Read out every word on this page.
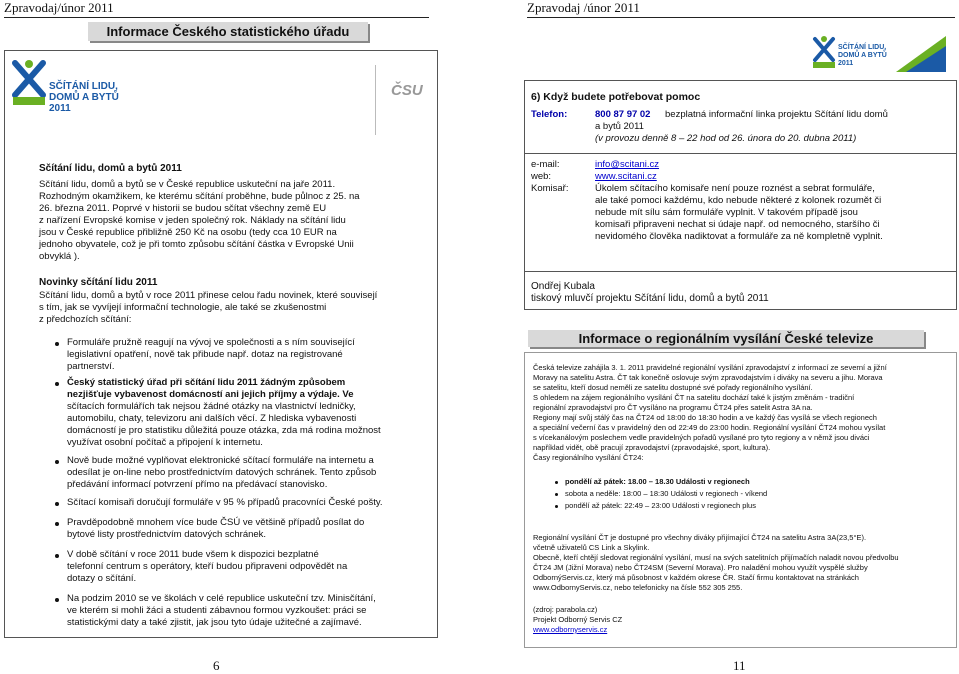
Zpravodaj/únor 2011	Zpravodaj /únor 2011
Informace Českého statistického úřadu
SČÍTÁNÍ LIDU,
DOMŮ A BYTŮ
2011
ČSU
Sčítání lidu, domů a bytů 2011
Sčítání lidu, domů a bytů se v České republice uskuteční na jaře 2011.
Rozhodným okamžikem, ke kterému sčítání proběhne, bude půlnoc z 25. na
26. března 2011. Poprvé v historii se budou sčítat všechny země EU
z nařízení Evropské komise v jeden společný rok. Náklady na sčítání lidu
jsou v České republice přibližně 250 Kč na osobu (tedy cca 10 EUR na
jednoho obyvatele, což je při tomto způsobu sčítání částka v Evropské Unii
obvyklá ).
Novinky sčítání lidu 2011
Sčítání lidu, domů a bytů v roce 2011 přinese celou řadu novinek, které souvisejí
s tím, jak se vyvíjejí informační technologie, ale také se zkušenostmi
z předchozích sčítání:
Formuláře pružně reagují na vývoj ve společnosti a s ním související
legislativní opatření, nově tak přibude např. dotaz na registrované
partnerství.
Český statistický úřad při sčítání lidu 2011 žádným způsobem
nezjišťuje vybavenost domácností ani jejich příjmy a výdaje. Ve
sčítacích formulářích tak nejsou žádné otázky na vlastnictví ledničky,
automobilu, chaty, televizoru ani dalších věcí. Z hlediska vybavenosti
domácností je pro statistiku důležitá pouze otázka, zda má rodina možnost
využívat osobní počítač a připojení k internetu.
Nově bude možné vyplňovat elektronické sčítací formuláře na internetu a
odesílat je on-line nebo prostřednictvím datových schránek. Tento způsob
předávání informací potvrzení přímo na předávací stanovisko.
Sčítací komisaři doručují formuláře v 95 % případů pracovníci České pošty.
Pravděpodobně mnohem více bude ČSÚ ve většině případů posílat do
bytové listy prostřednictvím datových schránek.
V době sčítání v roce 2011 bude všem k dispozici bezplatné
telefonní centrum s operátory, kteří budou připraveni odpovědět na
dotazy o sčítání.
Na podzim 2010 se ve školách v celé republice uskuteční tzv. Minisčítání,
ve kterém si mohli žáci a studenti zábavnou formou vyzkoušet: práci se
statistickými daty a také zjistit, jak jsou tyto údaje užitečné a zajímavé.
6
SČÍTÁNÍ LIDU,
DOMŮ A BYTŮ
2011
6) Když budete potřebovat pomoc
Telefon:	800 87 97 02 bezplatná informační linka projektu Sčítání lidu domů
a bytů 2011
(v provozu denně 8 – 22 hod od 26. února do 20. dubna 2011)
e-mail:	info@scitani.cz
web:	www.scitani.cz
Komisař:	Úkolem sčítacího komisaře není pouze roznést a sebrat formuláře,
ale také pomoci každému, kdo nebude některé z kolonek rozumět či
nebude mít sílu sám formuláře vyplnit. V takovém případě jsou
komisaři připraveni nechat si údaje např. od nemocného, staršího či
nevidomého člověka nadiktovat a formuláře za ně kompletně vyplnit.
Ondřej Kubala
tiskový mluvčí projektu Sčítání lidu, domů a bytů 2011
Informace o regionálním vysílání České televize
Česká televize zahájila 3. 1. 2011 pravidelné regionální vysílání zpravodajství z informací ze severní a jižní
Moravy na satelitu Astra. ČT tak konečně oslovuje svým zpravodajstvím i diváky na severu a jihu. Morava
se satelitu, kteří dosud neměli ze satelitu dostupné své pořady regionálního vysílání.
S ohledem na zájem regionálního vysílání ČT na satelitu dochází také k jistým změnám - tradiční
regionální zpravodajství pro ČT vysíláno na programu ČT24 přes satelit Astra 3A na.
Regiony mají svůj stálý čas na ČT24 od 18:00 do 18:30 hodin a ve každý čas vysílá se všech regionech
a speciální večerní čas v pravidelný den od 22:49 do 23:00 hodin. Regionální vysílání ČT24 mohou vysílat
s vícekanálovým poslechem vedle pravidelných pořadů vysílané pro tyto regiony a v němž jsou diváci
například vidět, obě pracují zpravodajství (zpravodajské, sport, kultura).
Časy regionálního vysílání ČT24:
pondělí až pátek: 18.00 – 18.30 Události v regionech
sobota a neděle: 18:00 – 18:30 Události v regionech - víkend
pondělí až pátek: 22:49 – 23:00 Události v regionech plus
Regionální vysílání ČT je dostupné pro všechny diváky přijímající ČT24 na satelitu Astra 3A(23,5°E).
včetně uživatelů CS Link a Skylink.
Obecně, kteří chtějí sledovat regionální vysílání, musí na svých satelitních přijímačích naladit novou předvolbu
ČT24 JM (Jižní Morava) nebo ČT24SM (Severní Morava). Pro naladění mohou využít vyspělé služby
OdbornýServis.cz, který má působnost v každém okrese ČR. Stačí firmu kontaktovat na stránkách
www.OdbornyServis.cz, nebo telefonicky na čísle 552 305 255.
(zdroj: parabola.cz)
Projekt Odborný Servis CZ
www.odbornyservis.cz
11
